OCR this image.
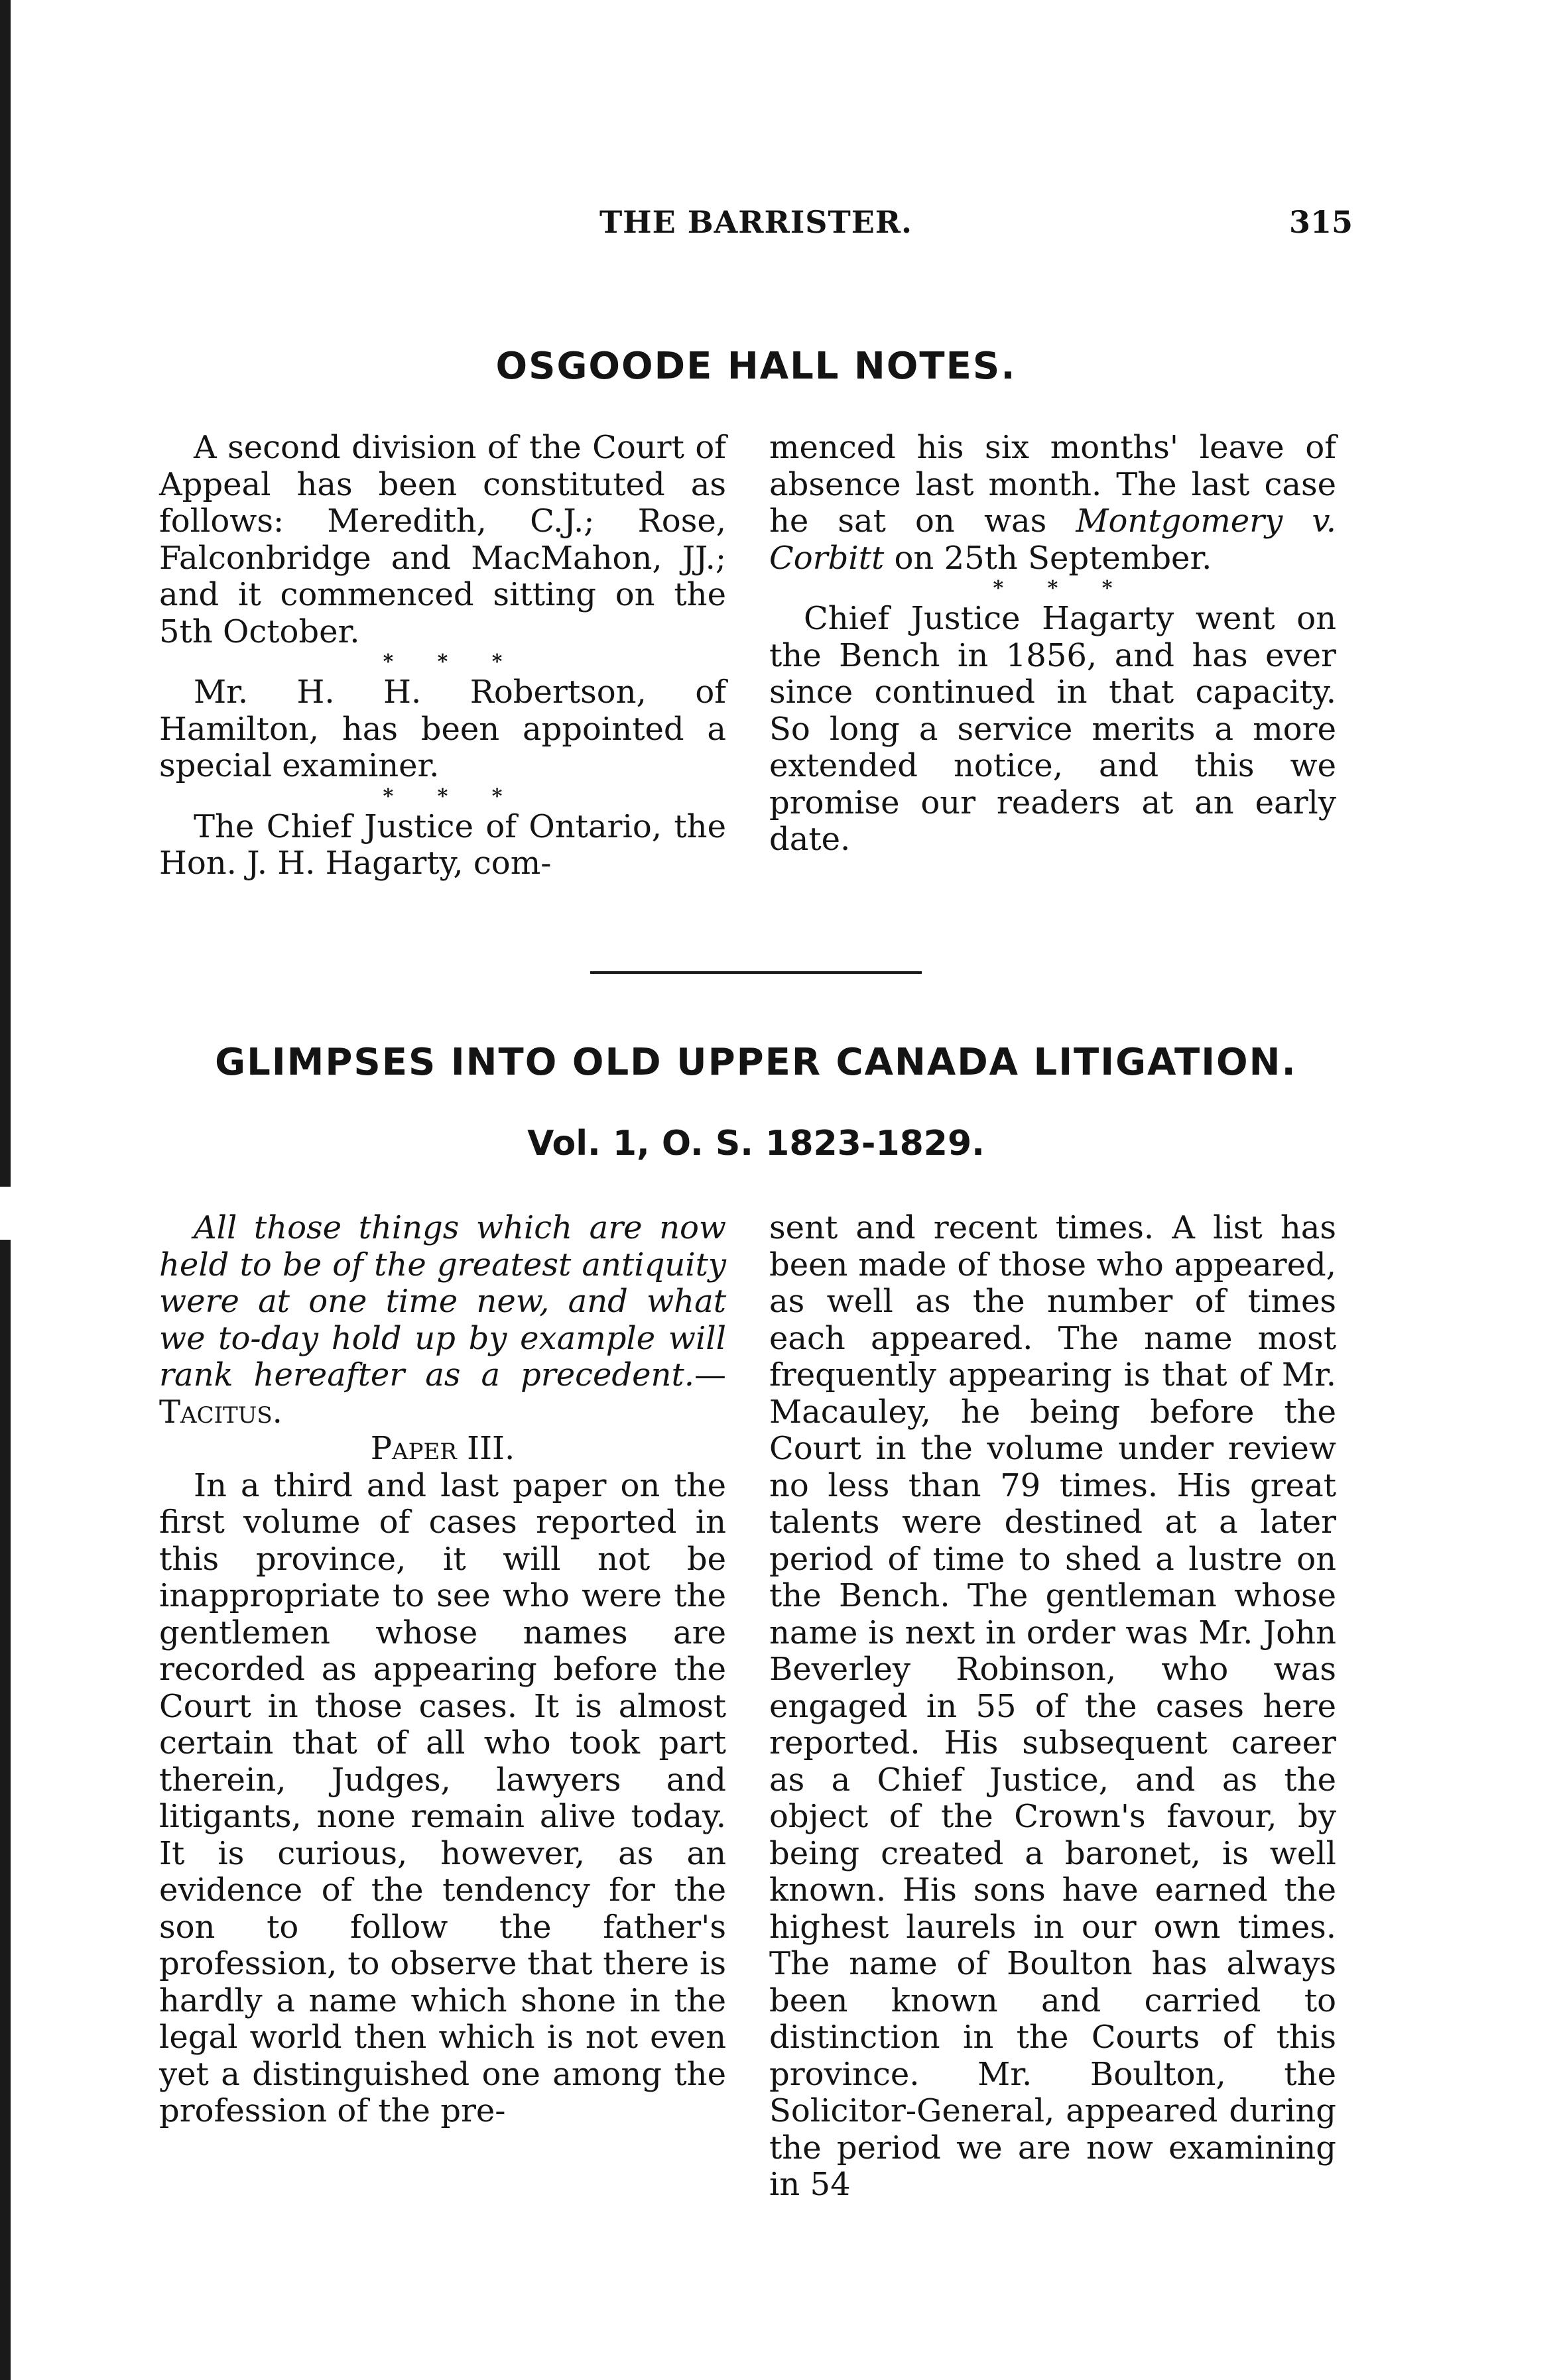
THE BARRISTER.	315
OSGOODE HALL NOTES.

A second division of the Court of Appeal has been constituted as follows: Meredith, C.J.; Rose, Falconbridge and MacMahon, JJ.; and it commenced sitting on the 5th October.

* * *

Mr. H. H. Robertson, of Hamilton, has been appointed a special examiner.

* * *

The Chief Justice of Ontario, the Hon. J. H. Hagarty, com-

menced his six months' leave of absence last month. The last case he sat on was Montgomery v. Corbitt on 25th September.

* * *

Chief Justice Hagarty went on the Bench in 1856, and has ever since continued in that capacity. So long a service merits a more extended notice, and this we promise our readers at an early date.

GLIMPSES INTO OLD UPPER CANADA LITIGATION.
Vol. 1, O. S. 1823-1829.

All those things which are now held to be of the greatest antiquity were at one time new, and what we to-day hold up by example will rank hereafter as a precedent.—Tacitus.

Paper III.

In a third and last paper on the first volume of cases reported in this province, it will not be inappropriate to see who were the gentlemen whose names are recorded as appearing before the Court in those cases. It is almost certain that of all who took part therein, Judges, lawyers and litigants, none remain alive today. It is curious, however, as an evidence of the tendency for the son to follow the father's profession, to observe that there is hardly a name which shone in the legal world then which is not even yet a distinguished one among the profession of the pre-

sent and recent times. A list has been made of those who appeared, as well as the number of times each appeared. The name most frequently appearing is that of Mr. Macauley, he being before the Court in the volume under review no less than 79 times. His great talents were destined at a later period of time to shed a lustre on the Bench. The gentleman whose name is next in order was Mr. John Beverley Robinson, who was engaged in 55 of the cases here reported. His subsequent career as a Chief Justice, and as the object of the Crown's favour, by being created a baronet, is well known. His sons have earned the highest laurels in our own times. The name of Boulton has always been known and carried to distinction in the Courts of this province. Mr. Boulton, the Solicitor-General, appeared during the period we are now examining in 54
